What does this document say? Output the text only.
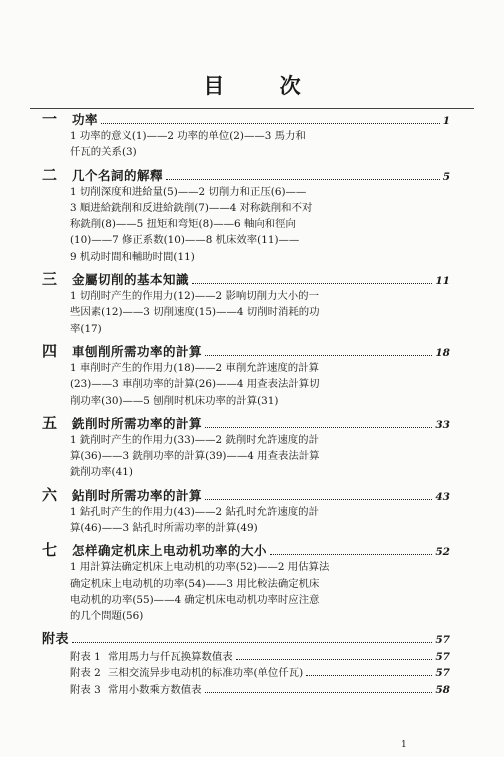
目 次
一	功率	1
1 功率的意义(1)——2 功率的单位(2)——3 馬力和
仟瓦的关系(3)
二	几个名詞的解釋	5
1 切削深度和进給量(5)——2 切削力和正压(6)——
3 順进給銑削和反进給銑削(7)——4 对称銑削和不对
称銑削(8)——5 扭矩和弯矩(8)——6 軸向和徑向
(10)——7 修正系数(10)——8 机床效率(11)——
9 机动时間和輔助时間(11)
三	金屬切削的基本知識	11
1 切削时产生的作用力(12)——2 影响切削力大小的一
些因素(12)——3 切削速度(15)——4 切削时消耗的功
率(17)
四	車刨削所需功率的計算	18
1 車削时产生的作用力(18)——2 車削允許速度的計算
(23)——3 車削功率的計算(26)——4 用查表法計算切
削功率(30)——5 刨削时机床功率的計算(31)
五	銑削时所需功率的計算	33
1 銑削时产生的作用力(33)——2 銑削时允許速度的計
算(36)——3 銑削功率的計算(39)——4 用查表法計算
銑削功率(41)
六	鉆削时所需功率的計算	43
1 鉆孔时产生的作用力(43)——2 鉆孔时允許速度的計
算(46)——3 鉆孔时所需功率的計算(49)
七	怎样确定机床上电动机功率的大小	52
1 用計算法确定机床上电动机的功率(52)——2 用估算法
确定机床上电动机的功率(54)——3 用比較法确定机床
电动机的功率(55)——4 确定机床电动机功率时应注意
的几个問題(56)
附表	57
附表 1 常用馬力与仟瓦换算数值表	57
附表 2 三相交流异步电动机的标准功率(单位仟瓦)	57
附表 3 常用小数乘方数值表	58
1
